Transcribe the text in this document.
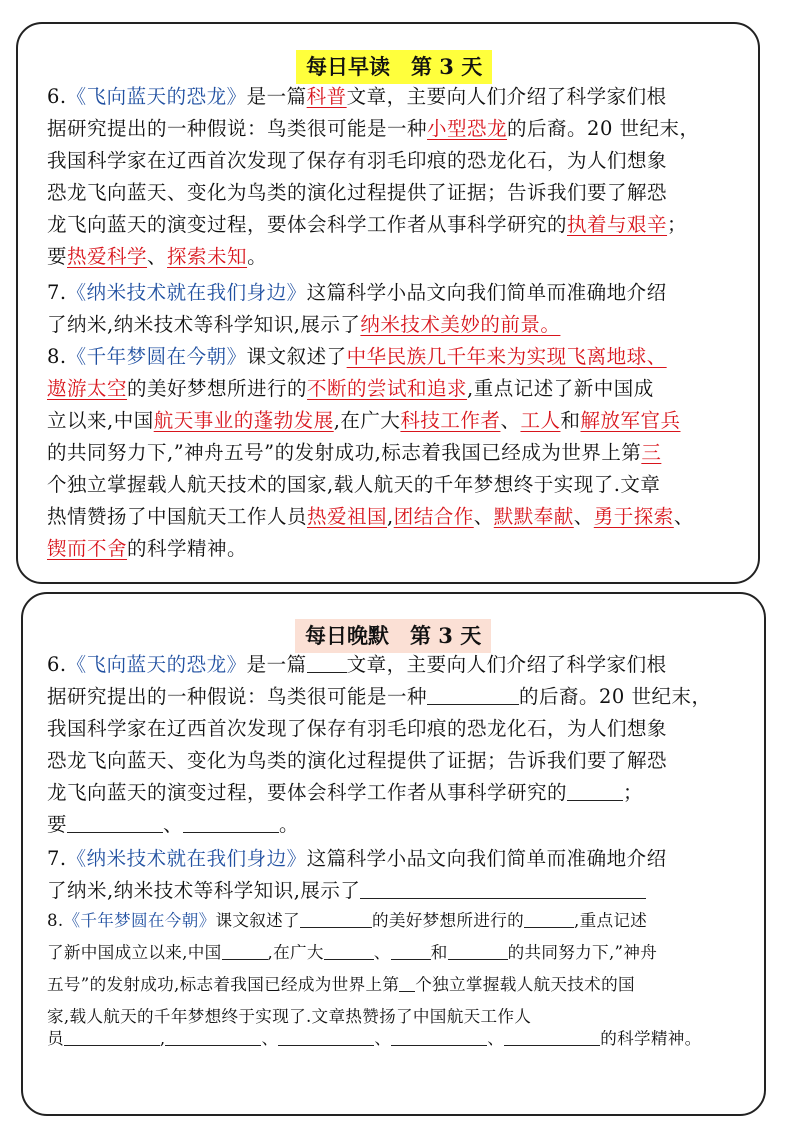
每日早读　第 3 天
6.《飞向蓝天的恐龙》是一篇科普文章，主要向人们介绍了科学家们根
据研究提出的一种假说：鸟类很可能是一种小型恐龙的后裔。20 世纪末，
我国科学家在辽西首次发现了保存有羽毛印痕的恐龙化石，为人们想象
恐龙飞向蓝天、变化为鸟类的演化过程提供了证据；告诉我们要了解恐
龙飞向蓝天的演变过程，要体会科学工作者从事科学研究的执着与艰辛；
要热爱科学、探索未知。
7.《纳米技术就在我们身边》这篇科学小品文向我们简单而准确地介绍
了纳米,纳米技术等科学知识,展示了纳米技术美妙的前景。
8.《千年梦圆在今朝》课文叙述了中华民族几千年来为实现飞离地球、
遨游太空的美好梦想所进行的不断的尝试和追求,重点记述了新中国成
立以来,中国航天事业的蓬勃发展,在广大科技工作者、工人和解放军官兵
的共同努力下,”神舟五号”的发射成功,标志着我国已经成为世界上第三
个独立掌握载人航天技术的国家,载人航天的千年梦想终于实现了.文章
热情赞扬了中国航天工作人员热爱祖国,团结合作、默默奉献、勇于探索、
锲而不舍的科学精神。
每日晚默　第 3 天
6.《飞向蓝天的恐龙》是一篇 文章，主要向人们介绍了科学家们根
据研究提出的一种假说：鸟类很可能是一种	的后裔。20 世纪末，
我国科学家在辽西首次发现了保存有羽毛印痕的恐龙化石，为人们想象
恐龙飞向蓝天、变化为鸟类的演化过程提供了证据；告诉我们要了解恐
龙飞向蓝天的演变过程，要体会科学工作者从事科学研究的	；
要	、	。
7.《纳米技术就在我们身边》这篇科学小品文向我们简单而准确地介绍
了纳米,纳米技术等科学知识,展示了
8.《千年梦圆在今朝》课文叙述了	的美好梦想所进行的	,重点记述
了新中国成立以来,中国	,在广大	、 和	的共同努力下,”神舟
五号”的发射成功,标志着我国已经成为世界上第 个独立掌握载人航天技术的国
家,载人航天的千年梦想终于实现了.文章热赞扬了中国航天工作人
员	,	、	、	、	的科学精神。
